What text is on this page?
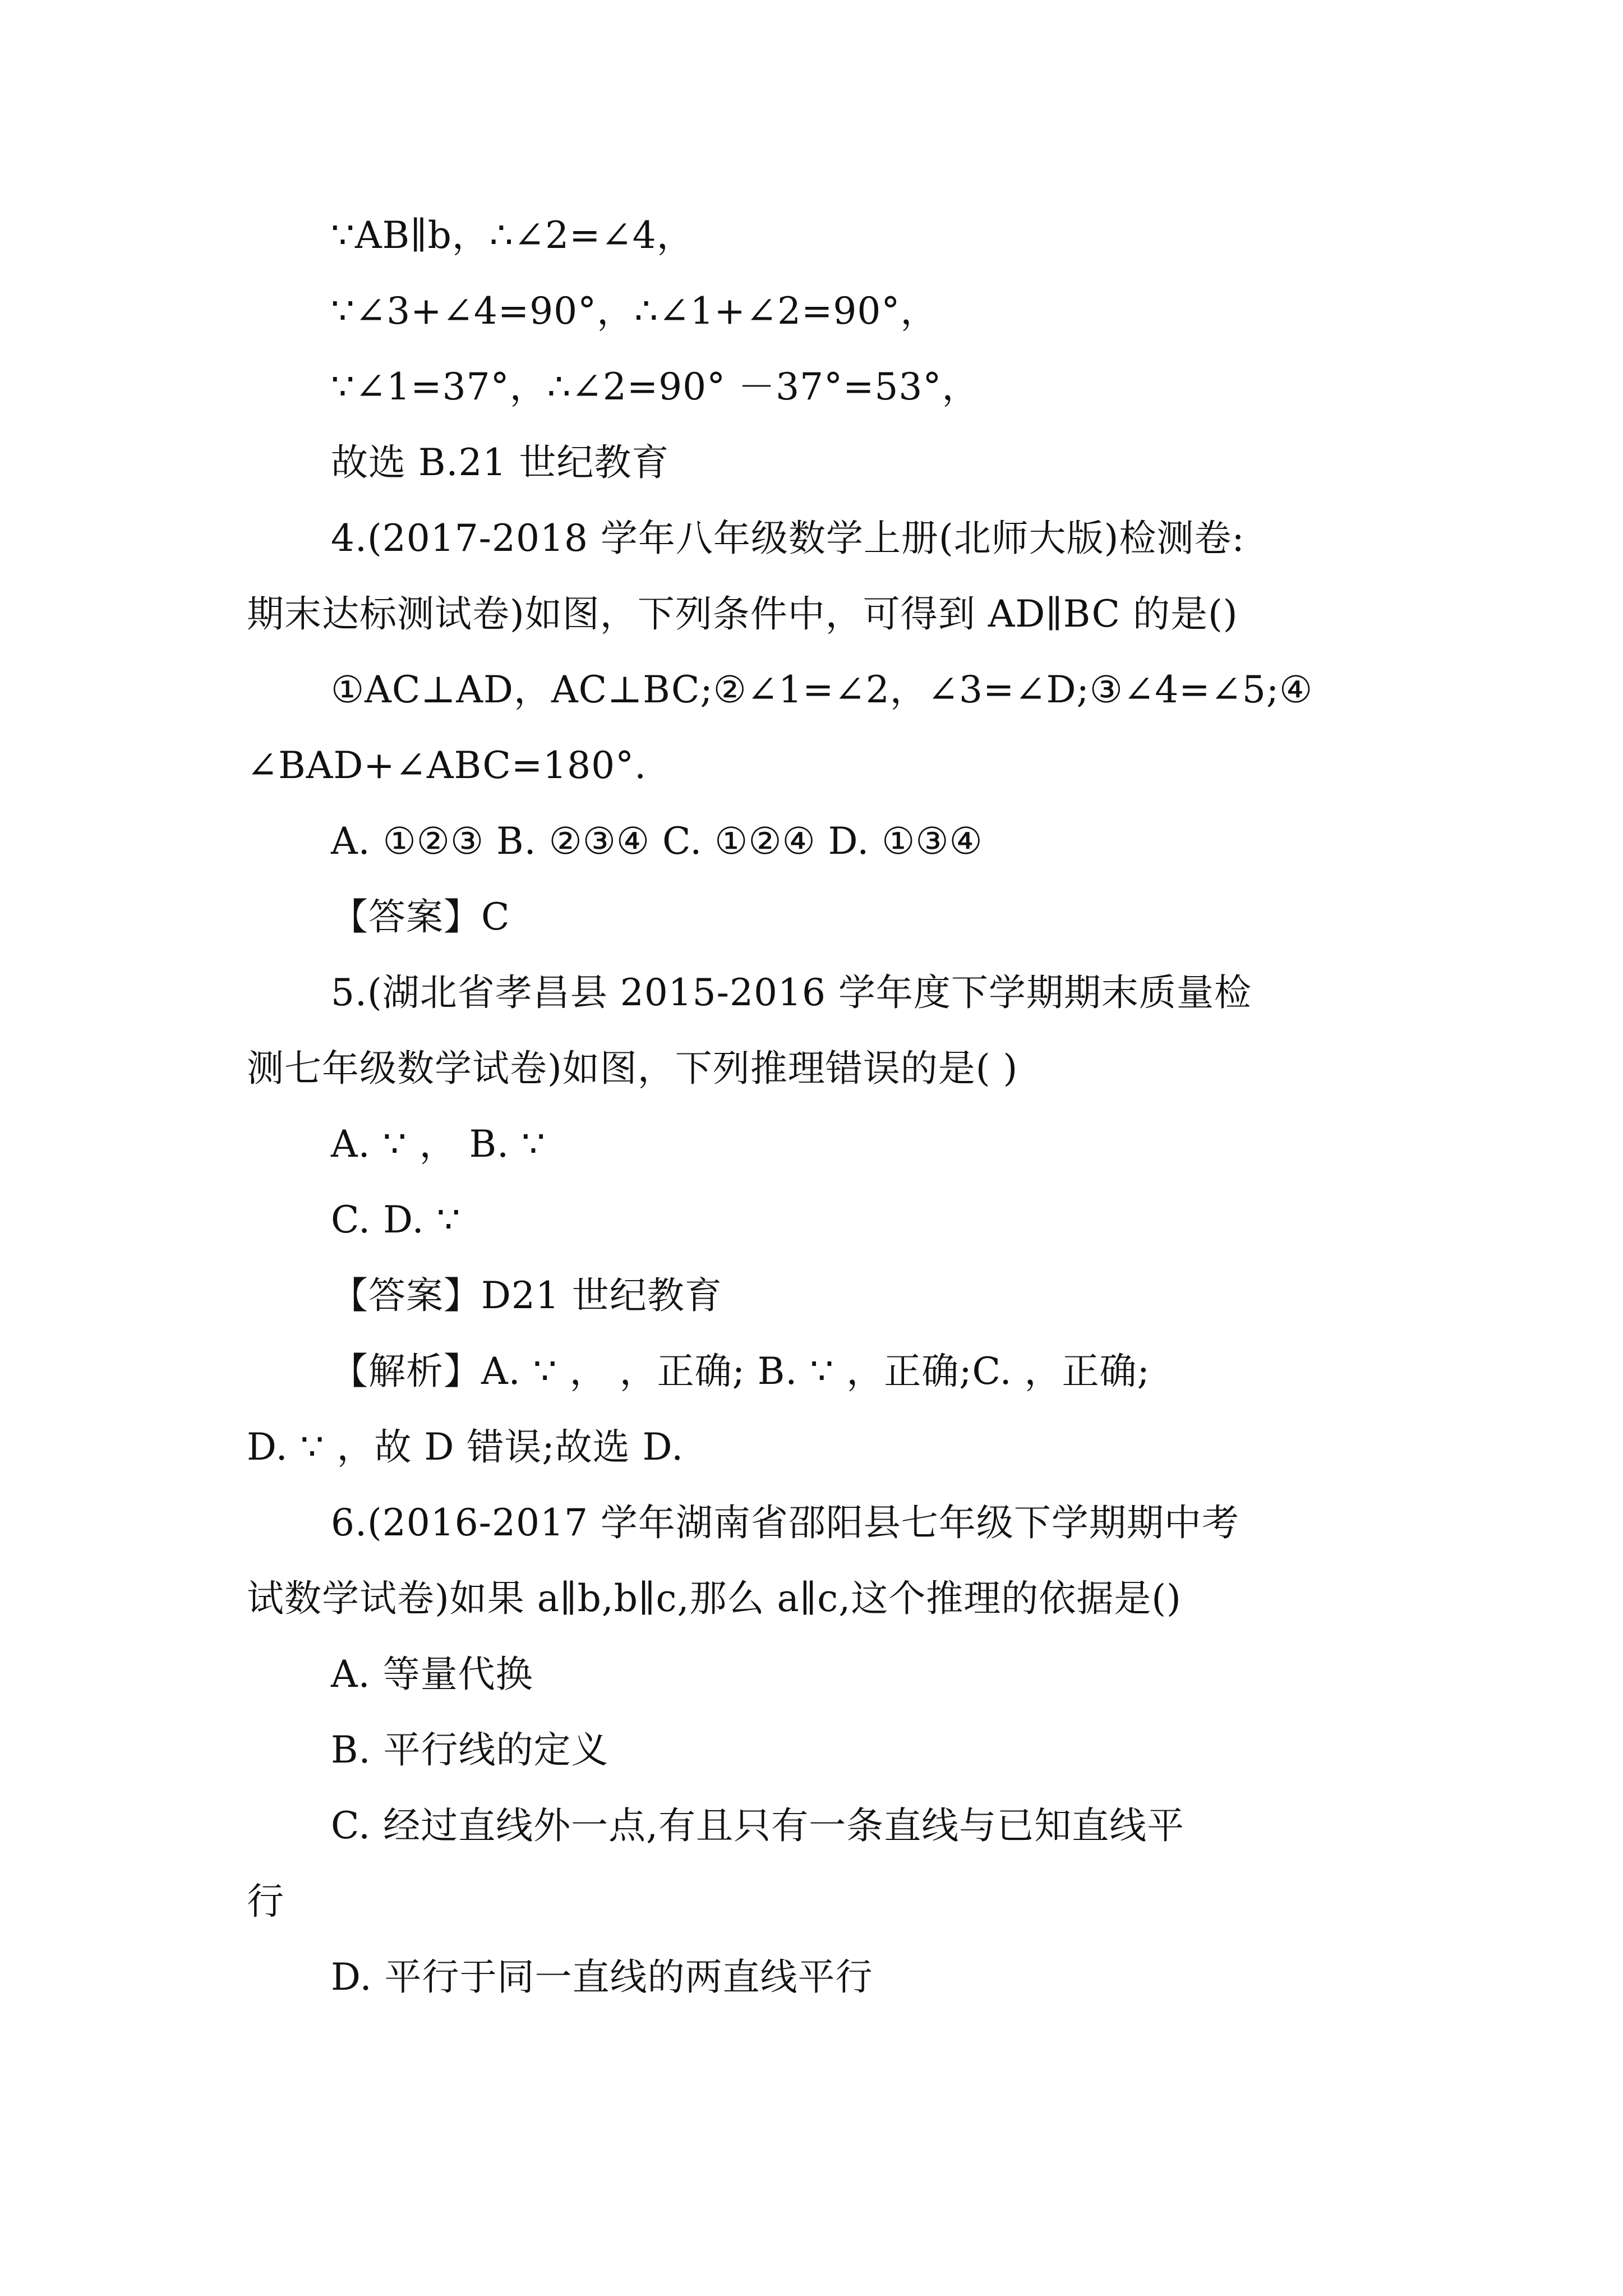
∵AB∥b，∴∠2=∠4，
∵∠3+∠4=90°，∴∠1+∠2=90°，
∵∠1=37°，∴∠2=90° －37°=53°，
故选 B.21 世纪教育
4.(2017-2018 学年八年级数学上册(北师大版)检测卷:
期末达标测试卷)如图，下列条件中，可得到 AD∥BC 的是()
①AC⊥AD，AC⊥BC;②∠1=∠2，∠3=∠D;③∠4=∠5;④
∠BAD+∠ABC=180°.
A. ①②③ B. ②③④ C. ①②④ D. ①③④
【答案】C
5.(湖北省孝昌县 2015-2016 学年度下学期期末质量检
测七年级数学试卷)如图，下列推理错误的是( )
A. ∵ ， B. ∵
C. D. ∵
【答案】D21 世纪教育
【解析】A. ∵ ， ，正确; B. ∵ ，正确;C. ，正确;
D. ∵ ，故 D 错误;故选 D.
6.(2016-2017 学年湖南省邵阳县七年级下学期期中考
试数学试卷)如果 a∥b,b∥c,那么 a∥c,这个推理的依据是()
A. 等量代换
B. 平行线的定义
C. 经过直线外一点,有且只有一条直线与已知直线平
行
D. 平行于同一直线的两直线平行
